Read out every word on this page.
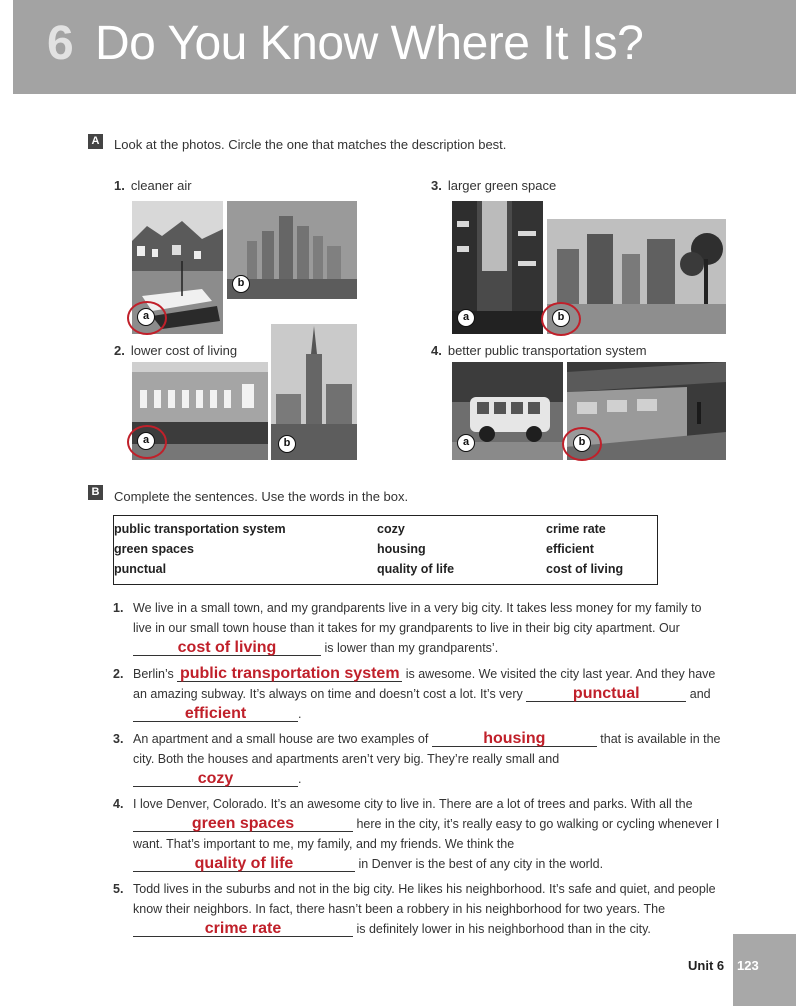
6 Do You Know Where It Is?
A Look at the photos. Circle the one that matches the description best.
1. cleaner air
a
b
2. lower cost of living
a	b
3. larger green space
a	b
4. better public transportation system
a	b
B Complete the sentences. Use the words in the box.
public transportation system	cozy	crime rate
green spaces	housing	efficient
punctual	quality of life	cost of living
1. We live in a small town, and my grandparents live in a very big city. It takes less money for my family to live in our small town house than it takes for my grandparents to live in their big city apartment. Our
cost of living	is lower than my grandparents’.
2. Berlin’s public transportation system is awesome. We visited the city last year. And they have an amazing subway. It’s always on time and doesn’t cost a lot. It’s very	punctual	and efficient	.
3. An apartment and a small house are two examples of	housing	that is available in the city. Both the houses and apartments aren’t very big. They’re really small and cozy	.
4. I love Denver, Colorado. It’s an awesome city to live in. There are a lot of trees and parks. With all the green spaces	here in the city, it’s really easy to go walking or cycling whenever I want. That’s important to me, my family, and my friends. We think the quality of life	in Denver is the best of any city in the world.
5. Todd lives in the suburbs and not in the big city. He likes his neighborhood. It’s safe and quiet, and people know their neighbors. In fact, there hasn’t been a robbery in his neighborhood for two years. The crime rate	is definitely lower in his neighborhood than in the city.
Unit 6 123
